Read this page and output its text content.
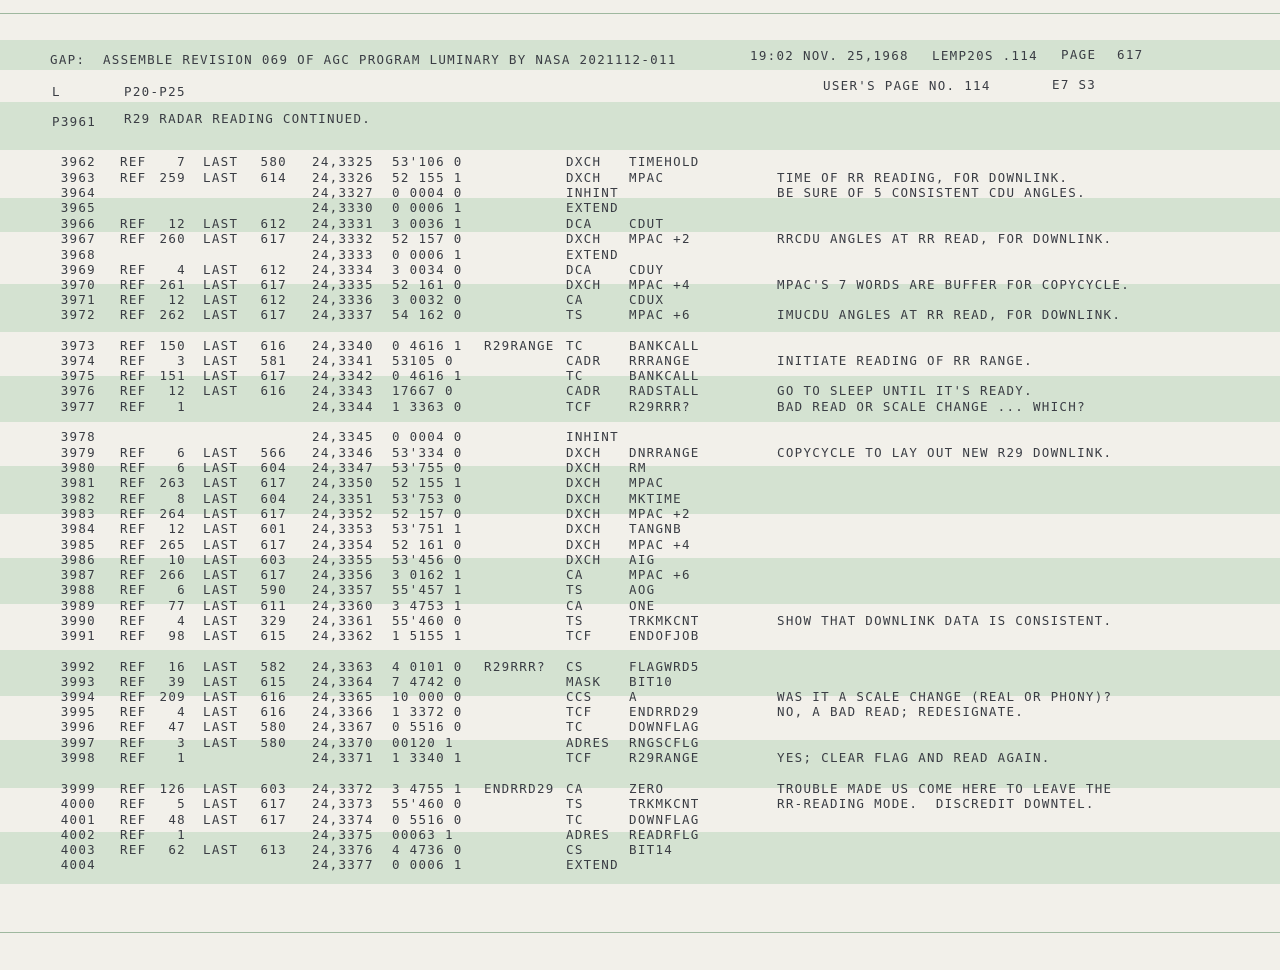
GAP:  ASSEMBLE REVISION 069 OF AGC PROGRAM LUMINARY BY NASA 2021112-011	19:02 NOV. 25,1968 LEMP20S .114 PAGE 617
L	P20-P25	USER'S PAGE NO. 114	E7 S3
P3961 R29 RADAR READING CONTINUED.
3962 REF 7 LAST 580 24,3325 53'106 0	DXCH TIMEHOLD
3963 REF 259 LAST 614 24,3326 52 155 1	DXCH MPAC	TIME OF RR READING, FOR DOWNLINK.
3964	24,3327 0 0004 0	INHINT	BE SURE OF 5 CONSISTENT CDU ANGLES.
3965	24,3330 0 0006 1	EXTEND
3966 REF 12 LAST 612 24,3331 3 0036 1	DCA	CDUT
3967 REF 260 LAST 617 24,3332 52 157 0	DXCH MPAC +2	RRCDU ANGLES AT RR READ, FOR DOWNLINK.
3968	24,3333 0 0006 1	EXTEND
3969 REF 4 LAST 612 24,3334 3 0034 0	DCA	CDUY
3970 REF 261 LAST 617 24,3335 52 161 0	DXCH MPAC +4	MPAC'S 7 WORDS ARE BUFFER FOR COPYCYCLE.
3971 REF 12 LAST 612 24,3336 3 0032 0	CA	CDUX
3972 REF 262 LAST 617 24,3337 54 162 0	TS	MPAC +6	IMUCDU ANGLES AT RR READ, FOR DOWNLINK.
3973 REF 150 LAST 616 24,3340 0 4616 1 R29RANGE TC	BANKCALL
3974 REF 3 LAST 581 24,3341 53105 0	CADR RRRANGE	INITIATE READING OF RR RANGE.
3975 REF 151 LAST 617 24,3342 0 4616 1	TC	BANKCALL
3976 REF 12 LAST 616 24,3343 17667 0	CADR RADSTALL	GO TO SLEEP UNTIL IT'S READY.
3977 REF 1	24,3344 1 3363 0	TCF	R29RRR?	BAD READ OR SCALE CHANGE ... WHICH?
3978	24,3345 0 0004 0	INHINT
3979 REF 6 LAST 566 24,3346 53'334 0	DXCH DNRRANGE	COPYCYCLE TO LAY OUT NEW R29 DOWNLINK.
3980 REF 6 LAST 604 24,3347 53'755 0	DXCH RM
3981 REF 263 LAST 617 24,3350 52 155 1	DXCH MPAC
3982 REF 8 LAST 604 24,3351 53'753 0	DXCH MKTIME
3983 REF 264 LAST 617 24,3352 52 157 0	DXCH MPAC +2
3984 REF 12 LAST 601 24,3353 53'751 1	DXCH TANGNB
3985 REF 265 LAST 617 24,3354 52 161 0	DXCH MPAC +4
3986 REF 10 LAST 603 24,3355 53'456 0	DXCH AIG
3987 REF 266 LAST 617 24,3356 3 0162 1	CA	MPAC +6
3988 REF 6 LAST 590 24,3357 55'457 1	TS	AOG
3989 REF 77 LAST 611 24,3360 3 4753 1	CA	ONE
3990 REF 4 LAST 329 24,3361 55'460 0	TS	TRKMKCNT	SHOW THAT DOWNLINK DATA IS CONSISTENT.
3991 REF 98 LAST 615 24,3362 1 5155 1	TCF	ENDOFJOB
3992 REF 16 LAST 582 24,3363 4 0101 0 R29RRR? CS	FLAGWRD5
3993 REF 39 LAST 615 24,3364 7 4742 0	MASK BIT10
3994 REF 209 LAST 616 24,3365 10 000 0	CCS	A	WAS IT A SCALE CHANGE (REAL OR PHONY)?
3995 REF 4 LAST 616 24,3366 1 3372 0	TCF	ENDRRD29	NO, A BAD READ; REDESIGNATE.
3996 REF 47 LAST 580 24,3367 0 5516 0	TC	DOWNFLAG
3997 REF 3 LAST 580 24,3370 00120 1	ADRES RNGSCFLG
3998 REF 1	24,3371 1 3340 1	TCF	R29RANGE	YES; CLEAR FLAG AND READ AGAIN.
3999 REF 126 LAST 603 24,3372 3 4755 1 ENDRRD29 CA	ZERO	TROUBLE MADE US COME HERE TO LEAVE THE
4000 REF 5 LAST 617 24,3373 55'460 0	TS	TRKMKCNT	RR-READING MODE.  DISCREDIT DOWNTEL.
4001 REF 48 LAST 617 24,3374 0 5516 0	TC	DOWNFLAG
4002 REF 1	24,3375 00063 1	ADRES READRFLG
4003 REF 62 LAST 613 24,3376 4 4736 0	CS	BIT14
4004	24,3377 0 0006 1	EXTEND
